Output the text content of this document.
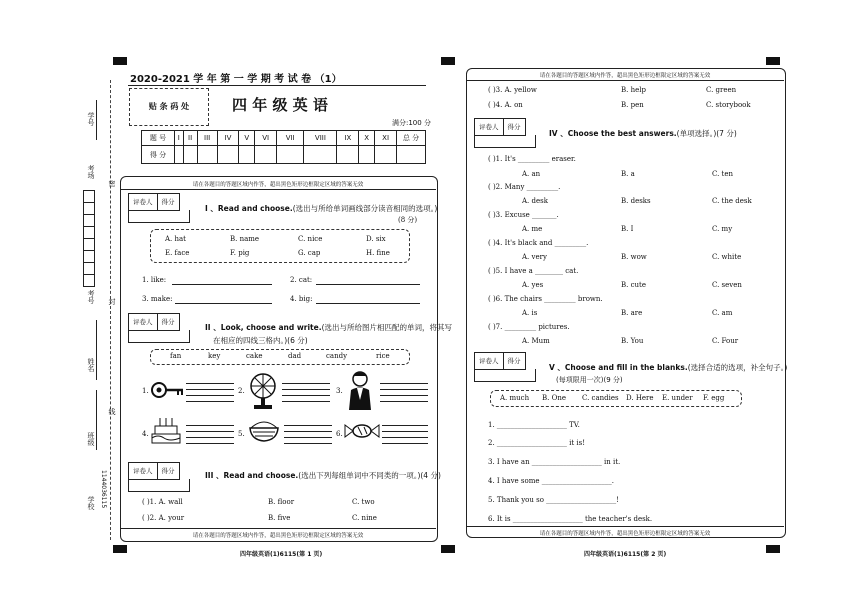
学号
考场
考号
姓名
班级
学校 1144036115
密
封
线
2020-2021 学 年 第 一 学 期 考 试 卷 （1）
贴 条 码 处	四 年 级 英 语
满分:100 分
题 号	I	II	III	IV	V	VI	VII	VIII	IX	X	XI	总 分
得 分												
请在各题目的答题区域内作答，超出黑色矩形边框限定区域的答案无效
评卷人	得分
I 、Read and choose.(选出与所给单词画线部分读音相同的选项。)
(8 分)
A. hat	B. name	C. nice	D. six
E. face	F. pig	G. cap	H. fine
1. like:	2. cat:
3. make:	4. big:
评卷人	得分
II 、Look, choose and write.(选出与所给图片相匹配的单词，将其写
在相应的四线三格内。)(6 分)
fan	key	cake	dad	candy	rice
1.	2.	3.
4.	5.	6.
评卷人	得分	III 、Read and choose.(选出下列每组单词中不同类的一项。)(4 分)
( )1. A. wall	B. floor	C. two
( )2. A. your	B. five	C. nine
请在各题目的答题区域内作答，超出黑色矩形边框限定区域的答案无效
四年级英语(1)6115(第 1 页)
请在各题目的答题区域内作答，超出黑色矩形边框限定区域的答案无效
( )3. A. yellow	B. help	C. green
( )4. A. on	B. pen	C. storybook
评卷人	得分
IV 、Choose the best answers.(单项选择。)(7 分)
( )1. It's _________ eraser.
A. an	B. a	C. ten
( )2. Many _________.
A. desk	B. desks	C. the desk
( )3. Excuse _______.
A. me	B. I	C. my
( )4. It's black and _________.
A. very	B. wow	C. white
( )5. I have a ________ cat.
A. yes	B. cute	C. seven
( )6. The chairs _________ brown.
A. is	B. are	C. am
( )7. _________ pictures.
A. Mum	B. You	C. Four
评卷人	得分
V 、Choose and fill in the blanks.(选择合适的选项，补全句子。)
(每项限用一次)(9 分)
A. much B. One C. candies D. Here E. under F. egg
1. ____________________ TV.
2. ____________________ it is!
3. I have an ____________________ in it.
4. I have some ____________________.
5. Thank you so ____________________!
6. It is ____________________ the teacher's desk.
请在各题目的答题区域内作答，超出黑色矩形边框限定区域的答案无效
四年级英语(1)6115(第 2 页)
